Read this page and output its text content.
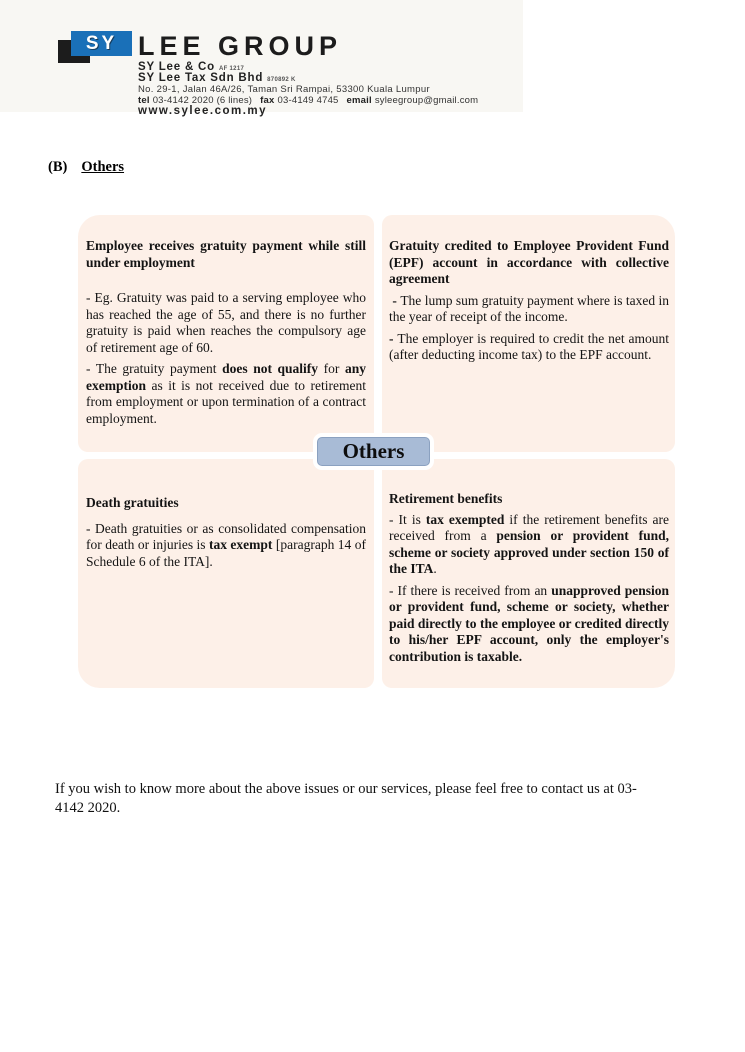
SY LEE GROUP
SY Lee & Co AF 1217
SY Lee Tax Sdn Bhd 870892 K
No. 29-1, Jalan 46A/26, Taman Sri Rampai, 53300 Kuala Lumpur
tel 03-4142 2020 (6 lines) fax 03-4149 4745 email syleegroup@gmail.com
www.sylee.com.my
(B) Others
Employee receives gratuity payment while still under employment

- Eg. Gratuity was paid to a serving employee who has reached the age of 55, and there is no further gratuity is paid when reaches the compulsory age of retirement age of 60.

- The gratuity payment does not qualify for any exemption as it is not received due to retirement from employment or upon termination of a contract employment.

Gratuity credited to Employee Provident Fund (EPF) account in accordance with collective agreement

- The lump sum gratuity payment where is taxed in the year of receipt of the income.

- The employer is required to credit the net amount (after deducting income tax) to the EPF account.

Death gratuities

- Death gratuities or as consolidated compensation for death or injuries is tax exempt [paragraph 14 of Schedule 6 of the ITA].

Retirement benefits

- It is tax exempted if the retirement benefits are received from a pension or provident fund, scheme or society approved under section 150 of the ITA.

- If there is received from an unapproved pension or provident fund, scheme or society, whether paid directly to the employee or credited directly to his/her EPF account, only the employer's contribution is taxable.

Others
If you wish to know more about the above issues or our services, please feel free to contact us at 03-
4142 2020.
